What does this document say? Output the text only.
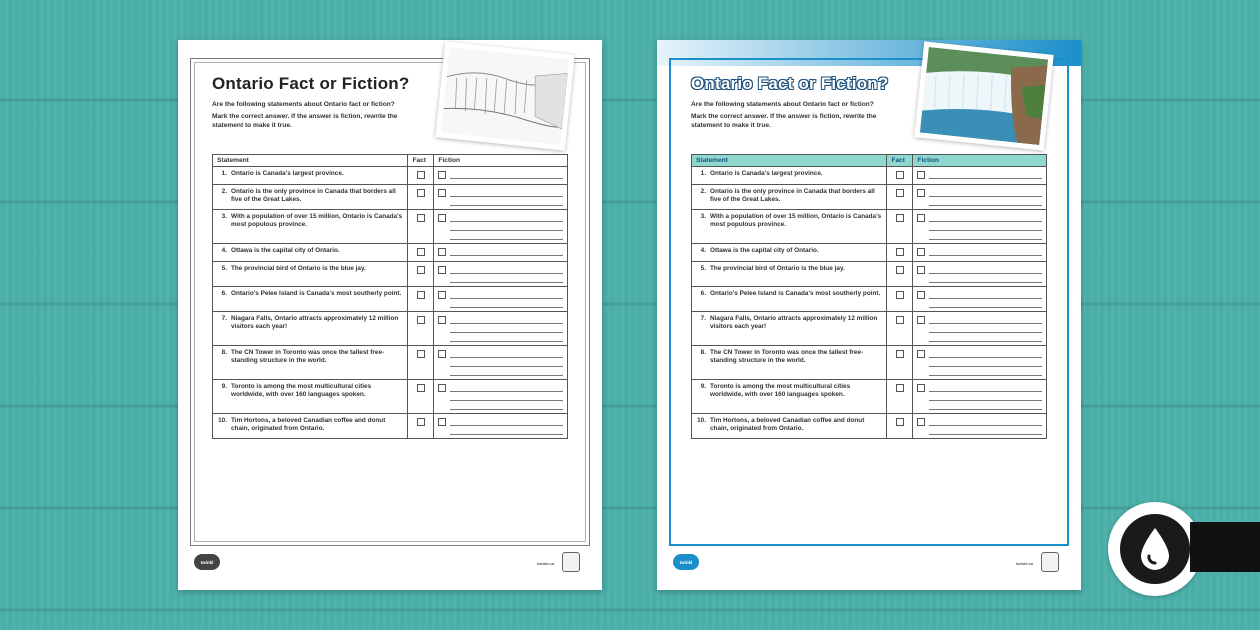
Ontario Fact or Fiction?

Are the following statements about Ontario fact or fiction?

Mark the correct answer. If the answer is fiction, rewrite the statement to make it true.

Statement	Fact	Fiction

1. Ontario is Canada's largest province.		

2. Ontario is the only province in Canada that borders all five of the Great Lakes.		

3. With a population of over 15 million, Ontario is Canada's most populous province.		

4. Ottawa is the capital city of Ontario.		

5. The provincial bird of Ontario is the blue jay.		

6. Ontario's Pelee Island is Canada's most southerly point.		

7. Niagara Falls, Ontario attracts approximately 12 million visitors each year!		

8. The CN Tower in Toronto was once the tallest free-standing structure in the world.		

9. Toronto is among the most multicultural cities worldwide, with over 160 languages spoken.		

10. Tim Hortons, a beloved Canadian coffee and donut chain, originated from Ontario.		

twinkl	twinkl.ca
Ontario Fact or Fiction?

Are the following statements about Ontario fact or fiction?

Mark the correct answer. If the answer is fiction, rewrite the statement to make it true.

Statement	Fact	Fiction

1. Ontario is Canada's largest province.		

2. Ontario is the only province in Canada that borders all five of the Great Lakes.		

3. With a population of over 15 million, Ontario is Canada's most populous province.		

4. Ottawa is the capital city of Ontario.		

5. The provincial bird of Ontario is the blue jay.		

6. Ontario's Pelee Island is Canada's most southerly point.		

7. Niagara Falls, Ontario attracts approximately 12 million visitors each year!		

8. The CN Tower in Toronto was once the tallest free-standing structure in the world.		

9. Toronto is among the most multicultural cities worldwide, with over 160 languages spoken.		

10. Tim Hortons, a beloved Canadian coffee and donut chain, originated from Ontario.		

twinkl	twinkl.ca
